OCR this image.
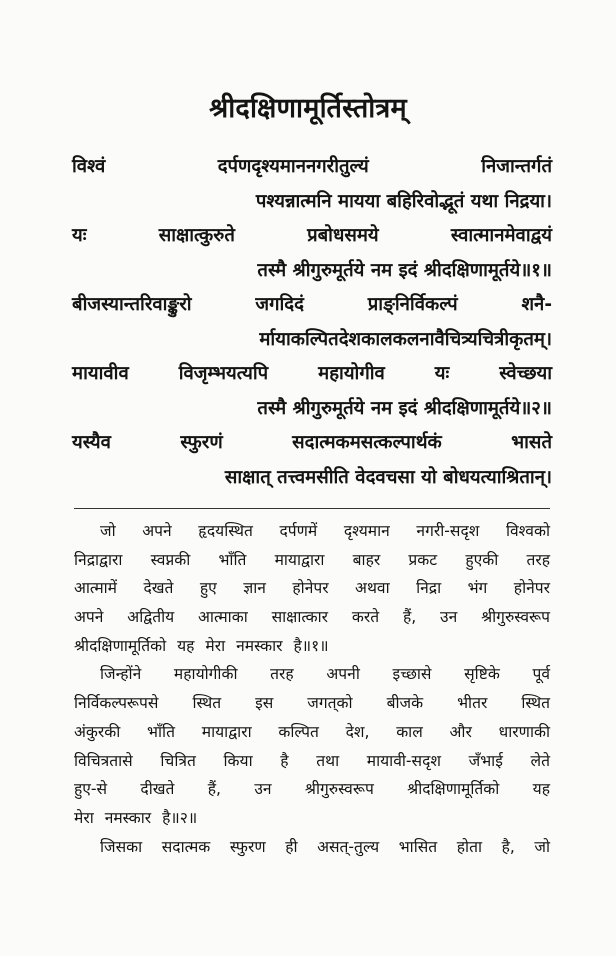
श्रीदक्षिणामूर्तिस्तोत्रम्
विश्वं दर्पणदृश्यमाननगरीतुल्यं निजान्तर्गतं
पश्यन्नात्मनि मायया बहिरिवोद्भूतं यथा निद्रया।
यः साक्षात्कुरुते प्रबोधसमये स्वात्मानमेवाद्वयं
तस्मै श्रीगुरुमूर्तये नम इदं श्रीदक्षिणामूर्तये॥१॥
बीजस्यान्तरिवाङ्कुरो जगदिदं प्राङ्‌निर्विकल्पं शनै-
र्मायाकल्पितदेशकालकलनावैचित्र्यचित्रीकृतम्।
मायावीव विजृम्भयत्यपि महायोगीव यः स्वेच्छया
तस्मै श्रीगुरुमूर्तये नम इदं श्रीदक्षिणामूर्तये॥२॥
यस्यैव स्फुरणं सदात्मकमसत्कल्पार्थकं भासते
साक्षात् तत्त्वमसीति वेदवचसा यो बोधयत्याश्रितान्।
जो अपने हृदयस्थित दर्पणमें दृश्यमान नगरी-सदृश विश्वको
निद्राद्वारा स्वप्नकी भाँति मायाद्वारा बाहर प्रकट हुएकी तरह
आत्मामें देखते हुए ज्ञान होनेपर अथवा निद्रा भंग होनेपर
अपने अद्वितीय आत्माका साक्षात्कार करते हैं, उन श्रीगुरुस्वरूप
श्रीदक्षिणामूर्तिको यह मेरा नमस्कार है॥१॥
जिन्होंने महायोगीकी तरह अपनी इच्छासे सृष्टिके पूर्व
निर्विकल्परूपसे स्थित इस जगत्‌को बीजके भीतर स्थित
अंकुरकी भाँति मायाद्वारा कल्पित देश, काल और धारणाकी
विचित्रतासे चित्रित किया है तथा मायावी-सदृश जँभाई लेते
हुए-से दीखते हैं, उन श्रीगुरुस्वरूप श्रीदक्षिणामूर्तिको यह
मेरा नमस्कार है॥२॥
जिसका सदात्मक स्फुरण ही असत्-तुल्य भासित होता है, जो
